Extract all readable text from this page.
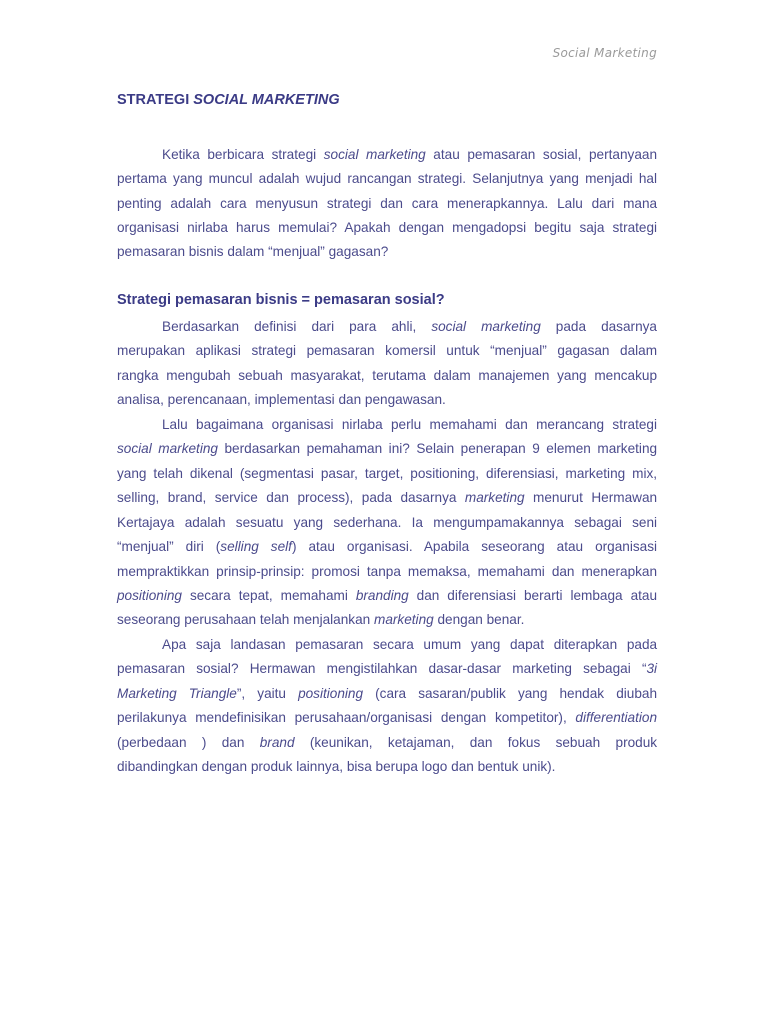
Social Marketing
STRATEGI SOCIAL MARKETING
Ketika berbicara strategi social marketing atau pemasaran sosial, pertanyaan
pertama yang muncul adalah wujud rancangan strategi. Selanjutnya yang menjadi hal
penting adalah cara menyusun strategi dan cara menerapkannya. Lalu dari mana
organisasi nirlaba harus memulai? Apakah dengan mengadopsi begitu saja strategi
pemasaran bisnis dalam “menjual” gagasan?
Strategi pemasaran bisnis = pemasaran sosial?
Berdasarkan definisi dari para ahli, social marketing pada dasarnya
merupakan aplikasi strategi pemasaran komersil untuk “menjual” gagasan dalam
rangka mengubah sebuah masyarakat, terutama dalam manajemen yang mencakup
analisa, perencanaan, implementasi dan pengawasan.
Lalu bagaimana organisasi nirlaba perlu memahami dan merancang strategi
social marketing berdasarkan pemahaman ini? Selain penerapan 9 elemen marketing
yang telah dikenal (segmentasi pasar, target, positioning, diferensiasi, marketing mix,
selling, brand, service dan process), pada dasarnya marketing menurut Hermawan
Kertajaya adalah sesuatu yang sederhana. Ia mengumpamakannya sebagai seni
“menjual” diri (selling self) atau organisasi. Apabila seseorang atau organisasi
mempraktikkan prinsip-prinsip: promosi tanpa memaksa, memahami dan menerapkan
positioning secara tepat, memahami branding dan diferensiasi berarti lembaga atau
seseorang perusahaan telah menjalankan marketing dengan benar.
Apa saja landasan pemasaran secara umum yang dapat diterapkan pada
pemasaran sosial? Hermawan mengistilahkan dasar-dasar marketing sebagai “3i
Marketing Triangle”, yaitu positioning (cara sasaran/publik yang hendak diubah
perilakunya mendefinisikan perusahaan/organisasi dengan kompetitor), differentiation
(perbedaan ) dan brand (keunikan, ketajaman, dan fokus sebuah produk
dibandingkan dengan produk lainnya, bisa berupa logo dan bentuk unik).
